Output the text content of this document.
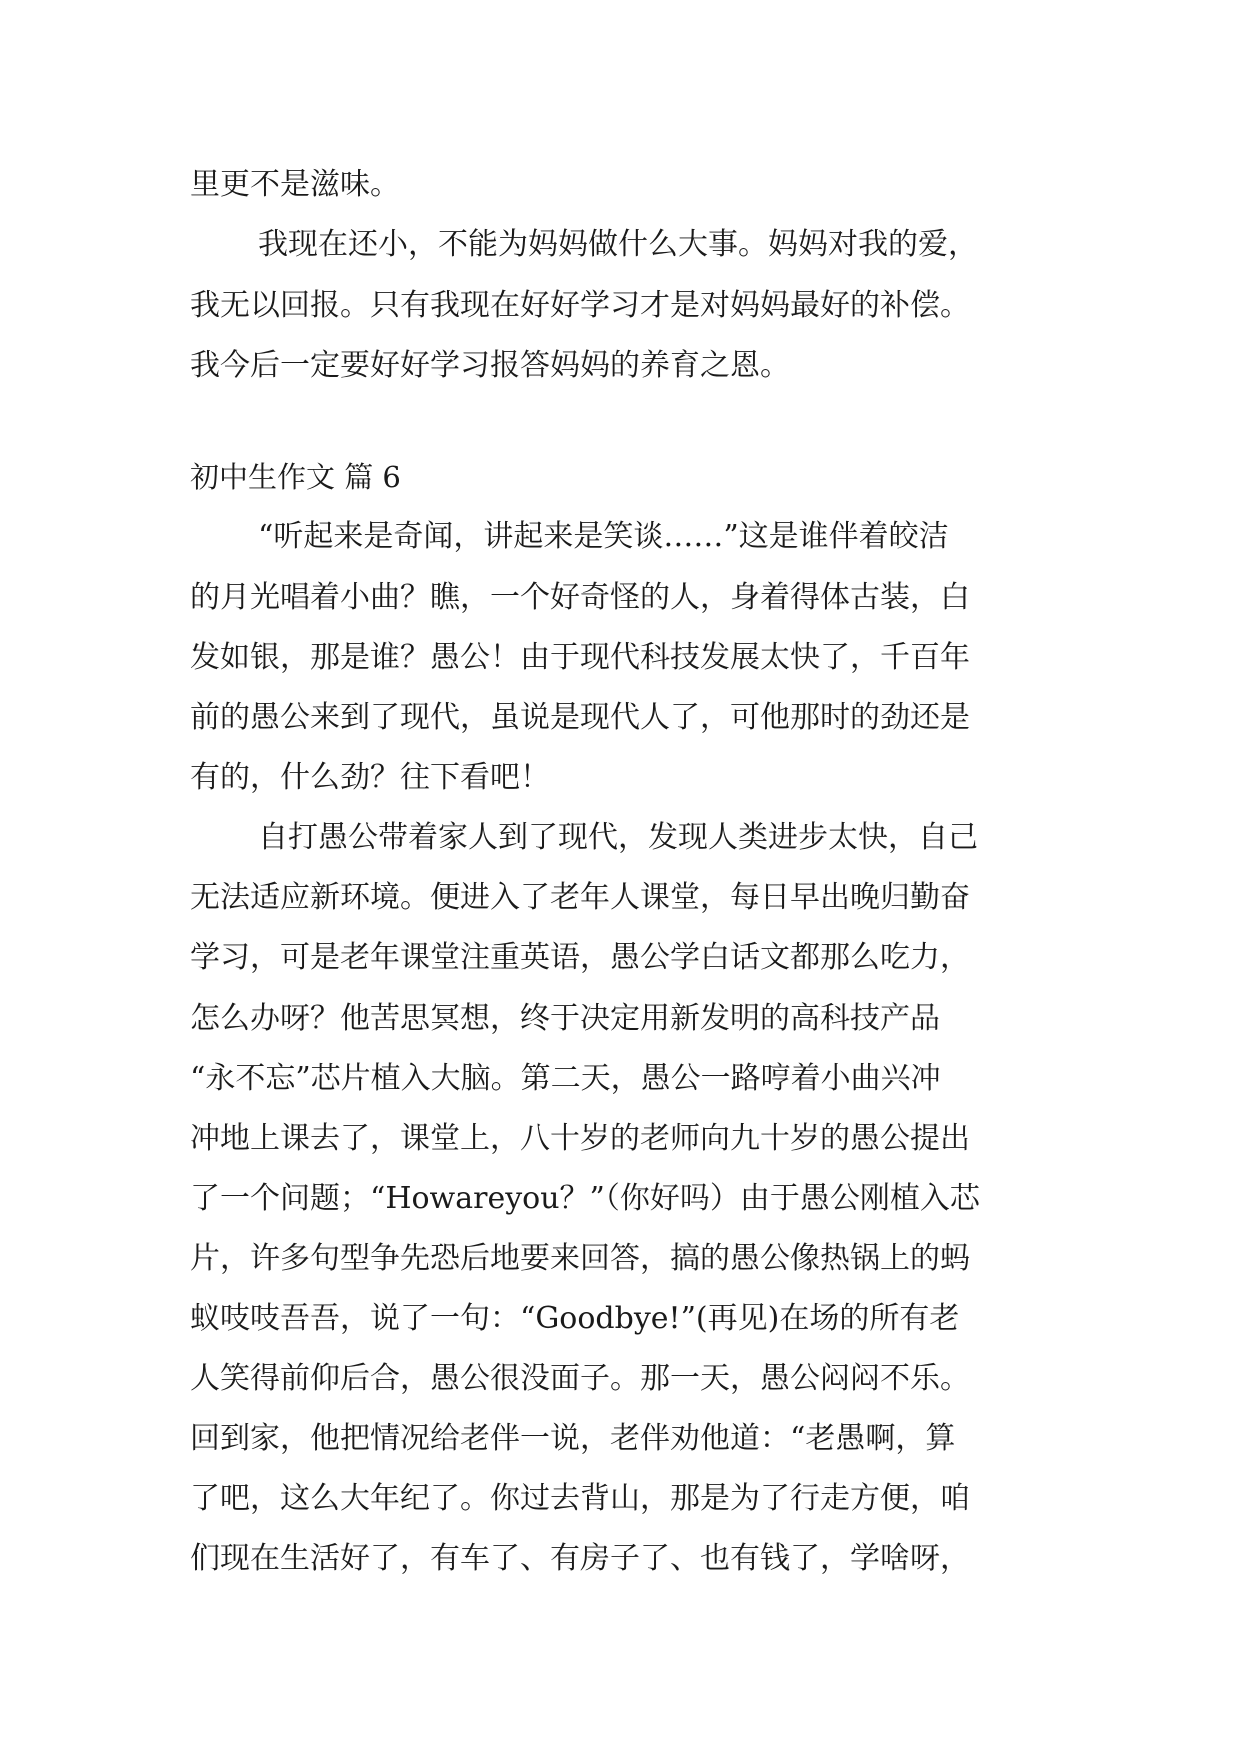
里更不是滋味。
我现在还小，不能为妈妈做什么大事。妈妈对我的爱，
我无以回报。只有我现在好好学习才是对妈妈最好的补偿。
我今后一定要好好学习报答妈妈的养育之恩。
初中生作文 篇 6
“听起来是奇闻，讲起来是笑谈……”这是谁伴着皎洁
的月光唱着小曲？瞧，一个好奇怪的人，身着得体古装，白
发如银，那是谁？愚公！由于现代科技发展太快了，千百年
前的愚公来到了现代，虽说是现代人了，可他那时的劲还是
有的，什么劲？往下看吧！
自打愚公带着家人到了现代，发现人类进步太快，自己
无法适应新环境。便进入了老年人课堂，每日早出晚归勤奋
学习，可是老年课堂注重英语，愚公学白话文都那么吃力，
怎么办呀？他苦思冥想，终于决定用新发明的高科技产品
“永不忘”芯片植入大脑。第二天，愚公一路哼着小曲兴冲
冲地上课去了，课堂上，八十岁的老师向九十岁的愚公提出
了一个问题；“Howareyou？”（你好吗）由于愚公刚植入芯
片，许多句型争先恐后地要来回答，搞的愚公像热锅上的蚂
蚁吱吱吾吾，说了一句：“Goodbye!”(再见)在场的所有老
人笑得前仰后合，愚公很没面子。那一天，愚公闷闷不乐。
回到家，他把情况给老伴一说，老伴劝他道：“老愚啊，算
了吧，这么大年纪了。你过去背山，那是为了行走方便，咱
们现在生活好了，有车了、有房子了、也有钱了，学啥呀，
